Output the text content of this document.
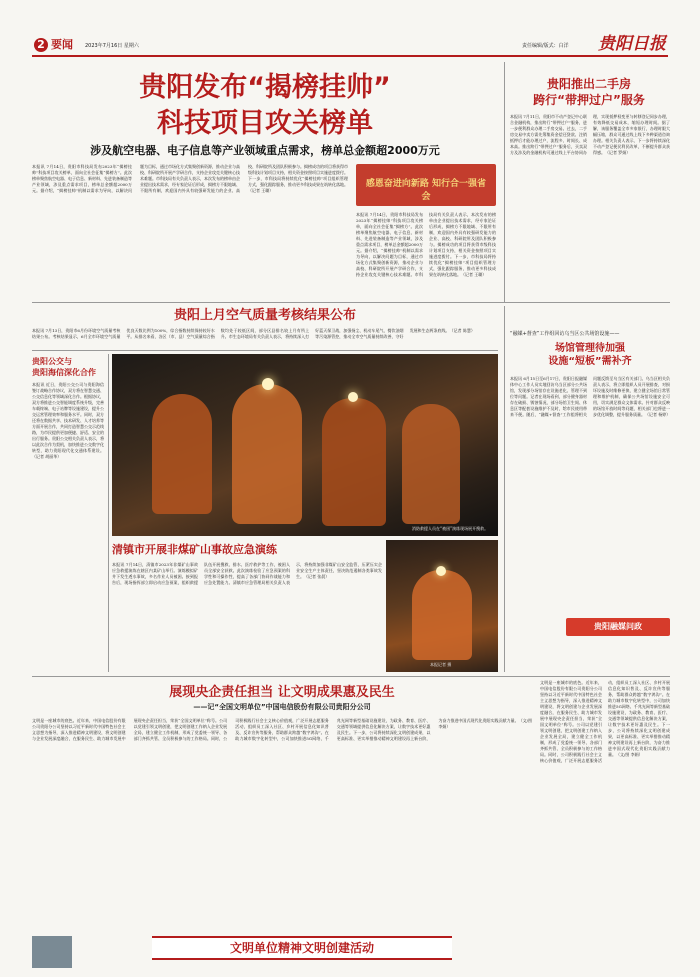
2 要闻 2023年7月16日 星期六	责任编辑/版式：白洋 贵阳日报
贵阳发布“揭榜挂帅”
科技项目攻关榜单
涉及航空电器、电子信息等产业领域重点需求，榜单总金额超2000万元

本报讯 7月14日，贵阳市科技局发布2023年“揭榜挂帅”科技项目攻关榜单，面向全社会征集“揭榜方”。此次榜单聚焦航空电器、电子信息、新材料、先进装备制造等产业领域，涉及重点需求项目，榜单总金额超2000万元。据介绍，“揭榜挂帅”机制以需求为导向，以解决问题为目标，通过市场化方式集聚创新资源，推动企业与高校、科研院所开展产学研合作，支持企业攻克关键核心技术难题。市科技局有关负责人表示，本次发布的榜单由企业提出技术需求，经专家论证后形成，揭榜方不限地域、不限所有制，欢迎国内外具有较强研发能力的企业、高校、科研院所及团队积极参与。揭榜成功的项目将获得市级科技计划项目支持，相关资金按照项目实施进度拨付。下一步，市科技局将持续优化“揭榜挂帅”项目组织管理方式，强化跟踪服务，推动更多科技成果在筑转化落地。（记者 王璐）

感恩奋进向新路 知行合一强省会

本报讯 7月14日，贵阳市科技局发布2023年“揭榜挂帅”科技项目攻关榜单，面向全社会征集“揭榜方”。此次榜单聚焦航空电器、电子信息、新材料、先进装备制造等产业领域，涉及重点需求项目，榜单总金额超2000万元。据介绍，“揭榜挂帅”机制以需求为导向，以解决问题为目标，通过市场化方式集聚创新资源，推动企业与高校、科研院所开展产学研合作，支持企业攻克关键核心技术难题。市科技局有关负责人表示，本次发布的榜单由企业提出技术需求，经专家论证后形成，揭榜方不限地域、不限所有制，欢迎国内外具有较强研发能力的企业、高校、科研院所及团队积极参与。揭榜成功的项目将获得市级科技计划项目支持，相关资金按照项目实施进度拨付。下一步，市科技局将持续优化“揭榜挂帅”项目组织管理方式，强化跟踪服务，推动更多科技成果在筑转化落地。（记者 王璐）

贵阳推出二手房
跨行“带押过户”服务

本报讯 7月11日，贵阳市不动产登记中心联合金融机构，推出跨行“带押过户”服务，进一步便利群众办理二手房交易。过去，二手房交易中卖方需先筹集资金偿还贷款、注销抵押后才能办理过户，流程多、时间长、成本高。推出跨行“带押过户”服务后，买卖双方及涉及的金融机构可通过线上平台协同办理，实现抵押权变更与转移登记同步办理，有效降低交易成本，缩短办理时间。据了解，该服务覆盖全市多家银行，办理时限大幅压缩，群众可通过线上线下多种渠道咨询办理。相关负责人表示，下一步将持续深化不动产登记便民利民改革，不断提升群众获得感。（记者 罗娟）

贵阳上月空气质量考核结果公布

本报讯 7月13日，贵阳市6月份环境空气质量考核结果公布。考核结果显示，6月全市环境空气质量优良天数比例为100%，综合指数持续保持较好水平。从排名来看，各区（市、县）空气质量综合指数均处于较低区间，部分区县排名较上月有所上升。市生态环境局有关负责人表示，将持续深入打好蓝天保卫战，加强扬尘、机动车尾气、餐饮油烟等污染源管控，推动全市空气质量持续改善，守好发展和生态两条底线。（记者 陈慧）

贵阳公交与
贵阳海信深化合作

本报讯 近日，贵阳公交公司与贵阳海信签订战略合作协议，双方将在智慧交通、公交信息化等领域深化合作。根据协议，双方将推进公交智能调度系统升级，完善车载终端、电子站牌等设施建设，提升公交运营管理效率和服务水平。同时，双方还将在数据共享、技术研发、人才培养等方面开展合作，共同打造智慧公交示范线路，为市民提供更加便捷、舒适、安全的出行服务。贵阳公交相关负责人表示，将以此次合作为契机，加快推进公交数字化转型，助力贵阳现代化交通体系建设。（记者 胡丽华）

消防救援人员在“被困”演练现场展开搜救。
清镇市开展非煤矿山事故应急演练

本报讯 7月14日，清镇市2023年非煤矿山事故应急救援演练在辖区内某矿山举行。演练模拟矿井下发生透水事故，多名作业人员被困。接到报告后，现场指挥部立即启动应急预案，组织救援队伍开展搜救、排水、医疗救护等工作，被困人员全部安全获救。此次演练检验了应急预案的科学性和可操作性，提高了各部门协同作战能力和应急处置能力。清镇市应急管理局相关负责人表示，将持续加强非煤矿山安全监管，压紧压实企业安全生产主体责任，坚决防范遏制各类事故发生。（记者 张晨）

本报记者 摄
“融媒+督查”工作组回访乌当区公共场馆设施——
场馆管理待加强
设施“短板”需补齐

本报讯 6月15日至6月17日，贵阳日报融媒体中心工作人员实地回访乌当区部分公共场馆，发现部分场馆存在设施老化、管理不到位等问题。记者在现场看到，部分健身器材存在破损、锈蚀情况，部分场馆卫生间、休息区等配套设施维护不及时，给市民使用带来不便。随后，“融媒+督查”工作组将相关问题反馈至乌当区有关部门。乌当区相关负责人表示，将立即组织人员开展排查，对损坏设施及时维修更换，建立健全场馆日常管理和维护机制，确保公共场馆设施安全可用，切实满足群众文体需求。针对群众反映的场馆开放时间等问题，相关部门也将进一步优化调整，提升服务质量。（记者 杨婷）

贵阳融媒问政
展现央企责任担当 让文明成果惠及民生
——记“全国文明单位”中国电信股份有限公司贵阳分公司

文明是一座城市的底色。近年来，中国电信股份有限公司贵阳分公司坚持以习近平新时代中国特色社会主义思想为指导，深入推进精神文明建设，将文明创建与企业发展深度融合，在服务民生、助力城市发展中展现央企责任担当，荣获“全国文明单位”称号。公司以党建引领文明创建，把文明创建工作纳入企业发展全局，建立健全工作机制，形成了党委统一领导、各部门齐抓共管、全员积极参与的工作格局。同时，公司积极践行社会主义核心价值观，广泛开展志愿服务活动，组织员工深入社区、乡村开展信息化知识普及、反诈宣传等服务，帮助群众跨越“数字鸿沟”。在助力城市数字化转型中，公司加快推进5G网络、千兆光网等新型基础设施建设，为政务、教育、医疗、交通等领域提供信息化解决方案，让数字技术更好惠及民生。下一步，公司将持续深化文明创建成果，以更高标准、更实举措推动精神文明建设再上新台阶，为奋力推进中国式现代化贵阳实践贡献力量。（文/图 李娟）

文明单位精神文明创建活动

文明是一座城市的底色。近年来，中国电信股份有限公司贵阳分公司坚持以习近平新时代中国特色社会主义思想为指导，深入推进精神文明建设，将文明创建与企业发展深度融合，在服务民生、助力城市发展中展现央企责任担当，荣获“全国文明单位”称号。公司以党建引领文明创建，把文明创建工作纳入企业发展全局，建立健全工作机制，形成了党委统一领导、各部门齐抓共管、全员积极参与的工作格局。同时，公司积极践行社会主义核心价值观，广泛开展志愿服务活动，组织员工深入社区、乡村开展信息化知识普及、反诈宣传等服务，帮助群众跨越“数字鸿沟”。在助力城市数字化转型中，公司加快推进5G网络、千兆光网等新型基础设施建设，为政务、教育、医疗、交通等领域提供信息化解决方案，让数字技术更好惠及民生。下一步，公司将持续深化文明创建成果，以更高标准、更实举措推动精神文明建设再上新台阶，为奋力推进中国式现代化贵阳实践贡献力量。（文/图 李娟）
